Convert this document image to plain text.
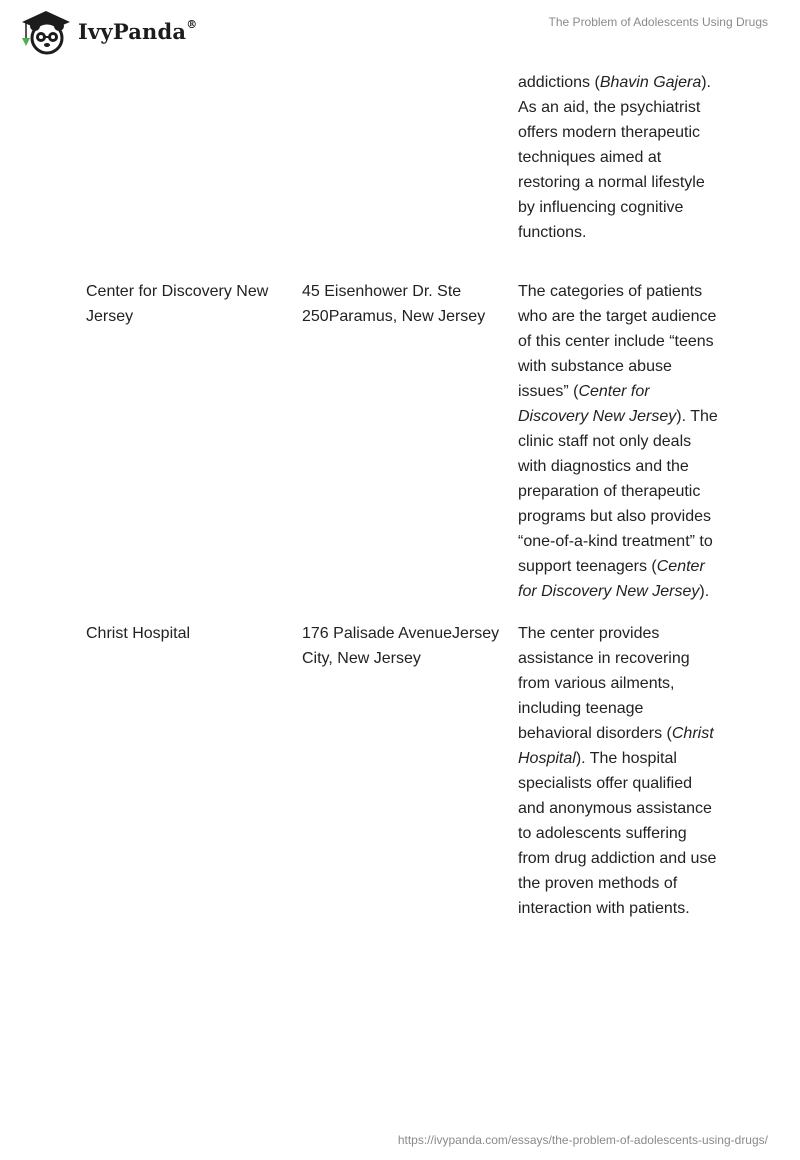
IvyPanda®	The Problem of Adolescents Using Drugs
addictions (Bhavin Gajera). As an aid, the psychiatrist offers modern therapeutic techniques aimed at restoring a normal lifestyle by influencing cognitive functions.
Center for Discovery New Jersey
45 Eisenhower Dr. Ste 250Paramus, New Jersey
The categories of patients who are the target audience of this center include “teens with substance abuse issues” (Center for Discovery New Jersey). The clinic staff not only deals with diagnostics and the preparation of therapeutic programs but also provides “one-of-a-kind treatment” to support teenagers (Center for Discovery New Jersey).
Christ Hospital	176 Palisade AvenueJersey City, New Jersey
The center provides assistance in recovering from various ailments, including teenage behavioral disorders (Christ Hospital). The hospital specialists offer qualified and anonymous assistance to adolescents suffering from drug addiction and use the proven methods of interaction with patients.
https://ivypanda.com/essays/the-problem-of-adolescents-using-drugs/
